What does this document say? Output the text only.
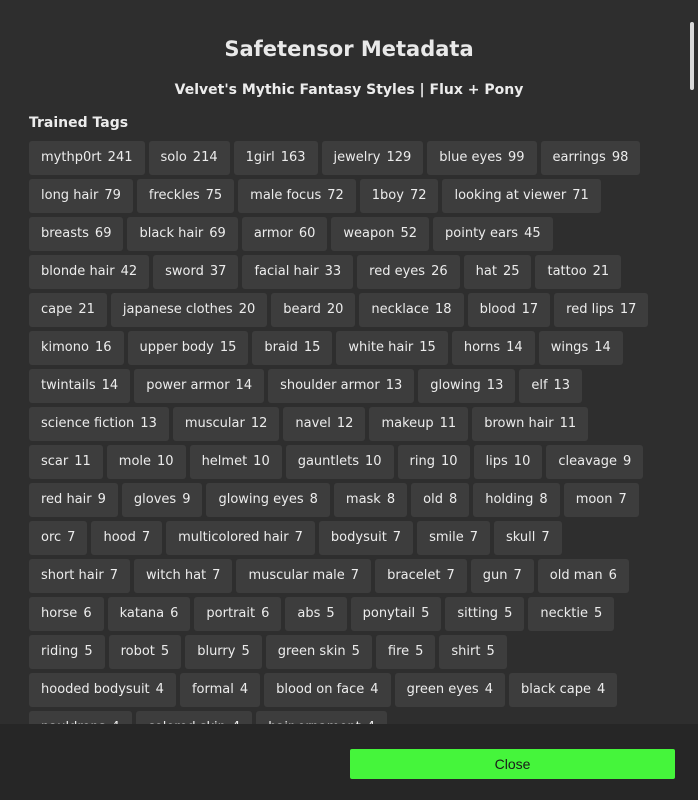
Safetensor Metadata
Velvet's Mythic Fantasy Styles | Flux + Pony
Trained Tags
mythp0rt 241	solo 214	1girl 163	jewelry 129	blue eyes 99	earrings 98
long hair 79	freckles 75	male focus 72	1boy 72	looking at viewer 71
breasts 69	black hair 69	armor 60	weapon 52	pointy ears 45
blonde hair 42	sword 37	facial hair 33	red eyes 26	hat 25	tattoo 21
cape 21	japanese clothes 20	beard 20	necklace 18	blood 17	red lips 17
kimono 16	upper body 15	braid 15	white hair 15	horns 14	wings 14
twintails 14	power armor 14	shoulder armor 13	glowing 13	elf 13
science fiction 13	muscular 12	navel 12	makeup 11	brown hair 11
scar 11	mole 10	helmet 10	gauntlets 10	ring 10	lips 10	cleavage 9
red hair 9	gloves 9	glowing eyes 8	mask 8	old 8	holding 8	moon 7
orc 7	hood 7	multicolored hair 7	bodysuit 7	smile 7	skull 7
short hair 7	witch hat 7	muscular male 7	bracelet 7	gun 7	old man 6
horse 6	katana 6	portrait 6	abs 5	ponytail 5	sitting 5	necktie 5
riding 5	robot 5	blurry 5	green skin 5	fire 5	shirt 5
hooded bodysuit 4	formal 4	blood on face 4	green eyes 4	black cape 4
Close
